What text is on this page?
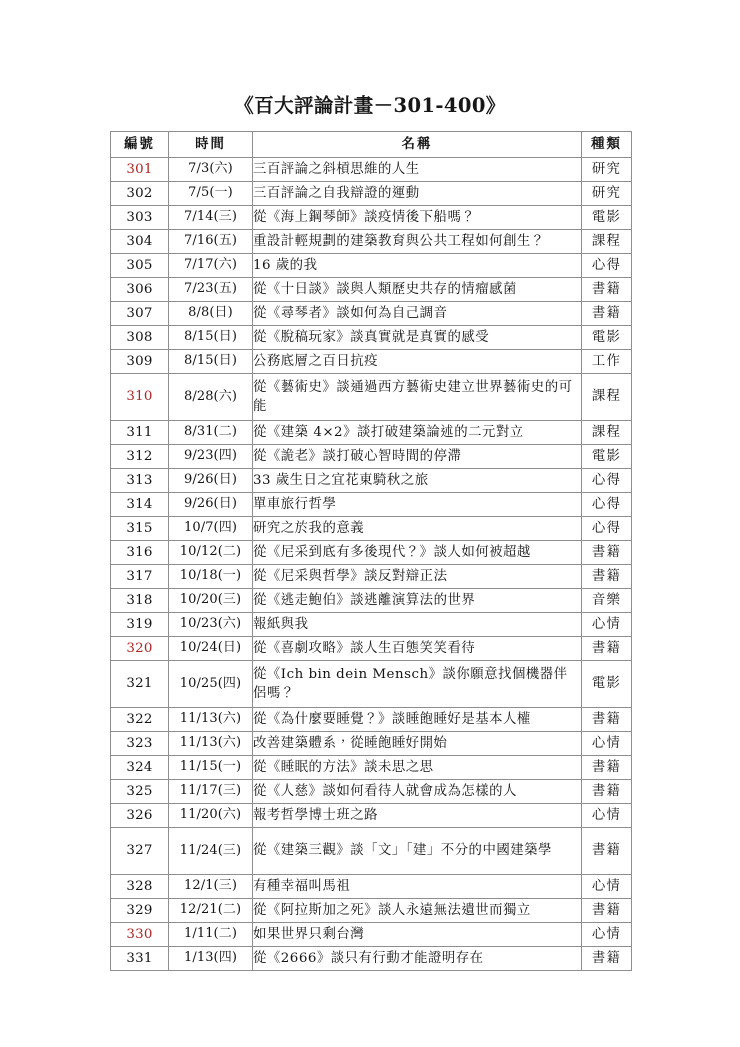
《百大評論計畫－301-400》
編號	時間	名稱	種類
301	7/3(六)	三百評論之斜槓思維的人生	研究
302	7/5(一)	三百評論之自我辯證的運動	研究
303	7/14(三)	從《海上鋼琴師》談疫情後下船嗎？	電影
304	7/16(五)	重設計輕規劃的建築教育與公共工程如何創生？	課程
305	7/17(六)	16 歲的我	心得
306	7/23(五)	從《十日談》談與人類歷史共存的情瘤感菌	書籍
307	8/8(日)	從《尋琴者》談如何為自己調音	書籍
308	8/15(日)	從《脫稿玩家》談真實就是真實的感受	電影
309	8/15(日)	公務底層之百日抗疫	工作
310	8/28(六)	從《藝術史》談通過西方藝術史建立世界藝術史的可能	課程
311	8/31(二)	從《建築 4×2》談打破建築論述的二元對立	課程
312	9/23(四)	從《詭老》談打破心智時間的停滯	電影
313	9/26(日)	33 歲生日之宜花東騎秋之旅	心得
314	9/26(日)	單車旅行哲學	心得
315	10/7(四)	研究之於我的意義	心得
316	10/12(二)	從《尼采到底有多後現代？》談人如何被超越	書籍
317	10/18(一)	從《尼采與哲學》談反對辯正法	書籍
318	10/20(三)	從《逃走鮑伯》談逃離演算法的世界	音樂
319	10/23(六)	報紙與我	心情
320	10/24(日)	從《喜劇攻略》談人生百態笑笑看待	書籍
321	10/25(四)	從《Ich bin dein Mensch》談你願意找個機器伴侶嗎？	電影
322	11/13(六)	從《為什麼要睡覺？》談睡飽睡好是基本人權	書籍
323	11/13(六)	改善建築體系，從睡飽睡好開始	心情
324	11/15(一)	從《睡眠的方法》談未思之思	書籍
325	11/17(三)	從《人慈》談如何看待人就會成為怎樣的人	書籍
326	11/20(六)	報考哲學博士班之路	心情
327	11/24(三)	從《建築三觀》談「文」「建」不分的中國建築學	書籍
328	12/1(三)	有種幸福叫馬祖	心情
329	12/21(二)	從《阿拉斯加之死》談人永遠無法遺世而獨立	書籍
330	1/11(二)	如果世界只剩台灣	心情
331	1/13(四)	從《2666》談只有行動才能證明存在	書籍
